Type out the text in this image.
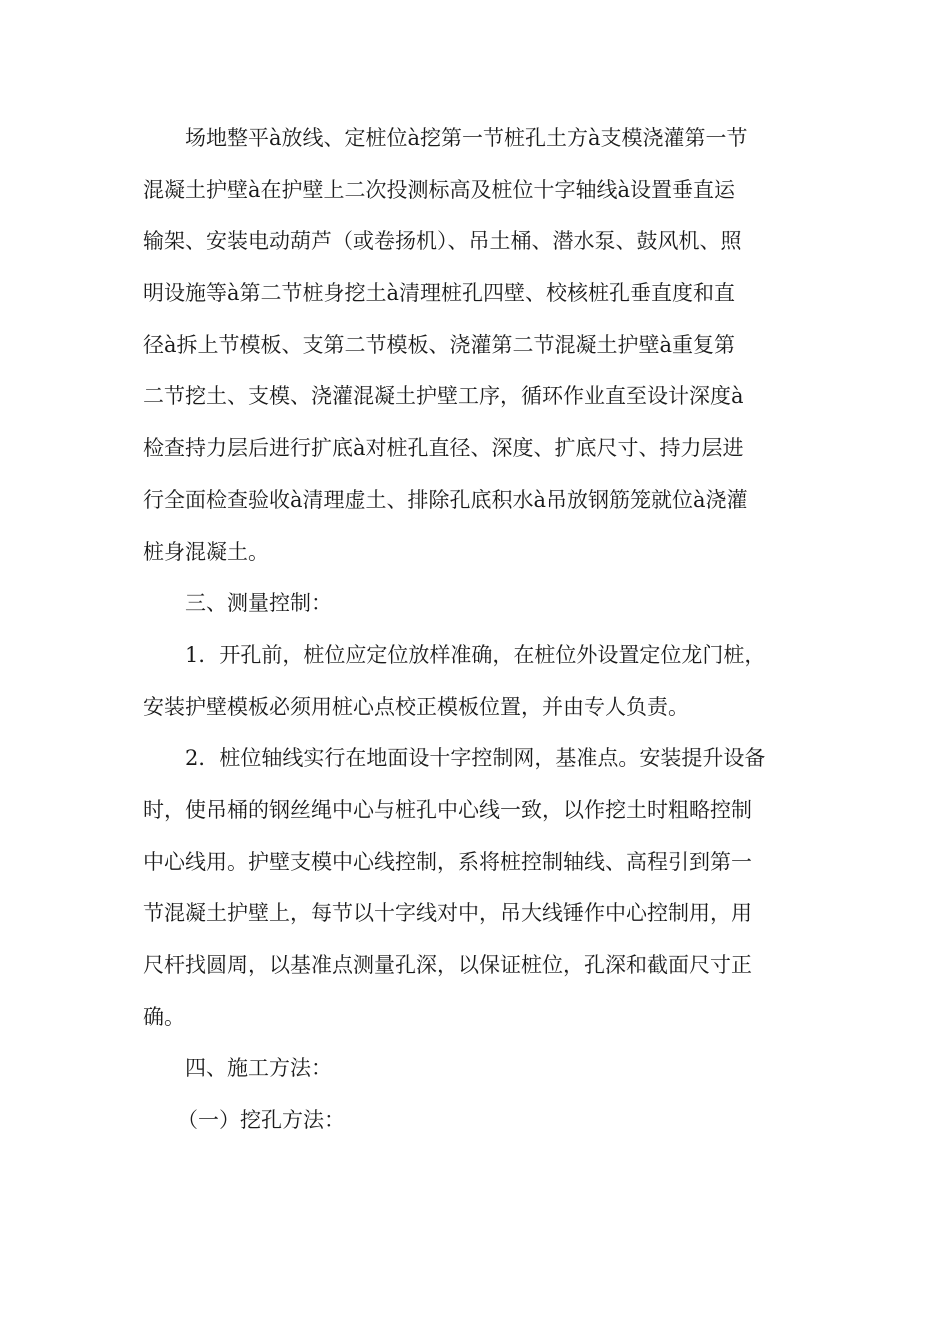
场地整平à放线、定桩位à挖第一节桩孔土方à支模浇灌第一节
混凝土护壁à在护壁上二次投测标高及桩位十字轴线à设置垂直运
输架、安装电动葫芦（或卷扬机）、吊土桶、潜水泵、鼓风机、照
明设施等à第二节桩身挖土à清理桩孔四壁、校核桩孔垂直度和直
径à拆上节模板、支第二节模板、浇灌第二节混凝土护壁à重复第
二节挖土、支模、浇灌混凝土护壁工序，循环作业直至设计深度à
检查持力层后进行扩底à对桩孔直径、深度、扩底尺寸、持力层进
行全面检查验收à清理虚土、排除孔底积水à吊放钢筋笼就位à浇灌
桩身混凝土。
三、测量控制：
1．开孔前，桩位应定位放样准确，在桩位外设置定位龙门桩，
安装护壁模板必须用桩心点校正模板位置，并由专人负责。
2．桩位轴线实行在地面设十字控制网，基准点。安装提升设备
时，使吊桶的钢丝绳中心与桩孔中心线一致，以作挖土时粗略控制
中心线用。护壁支模中心线控制，系将桩控制轴线、高程引到第一
节混凝土护壁上，每节以十字线对中，吊大线锤作中心控制用，用
尺杆找圆周，以基准点测量孔深，以保证桩位，孔深和截面尺寸正
确。
四、施工方法：
（一）挖孔方法：
